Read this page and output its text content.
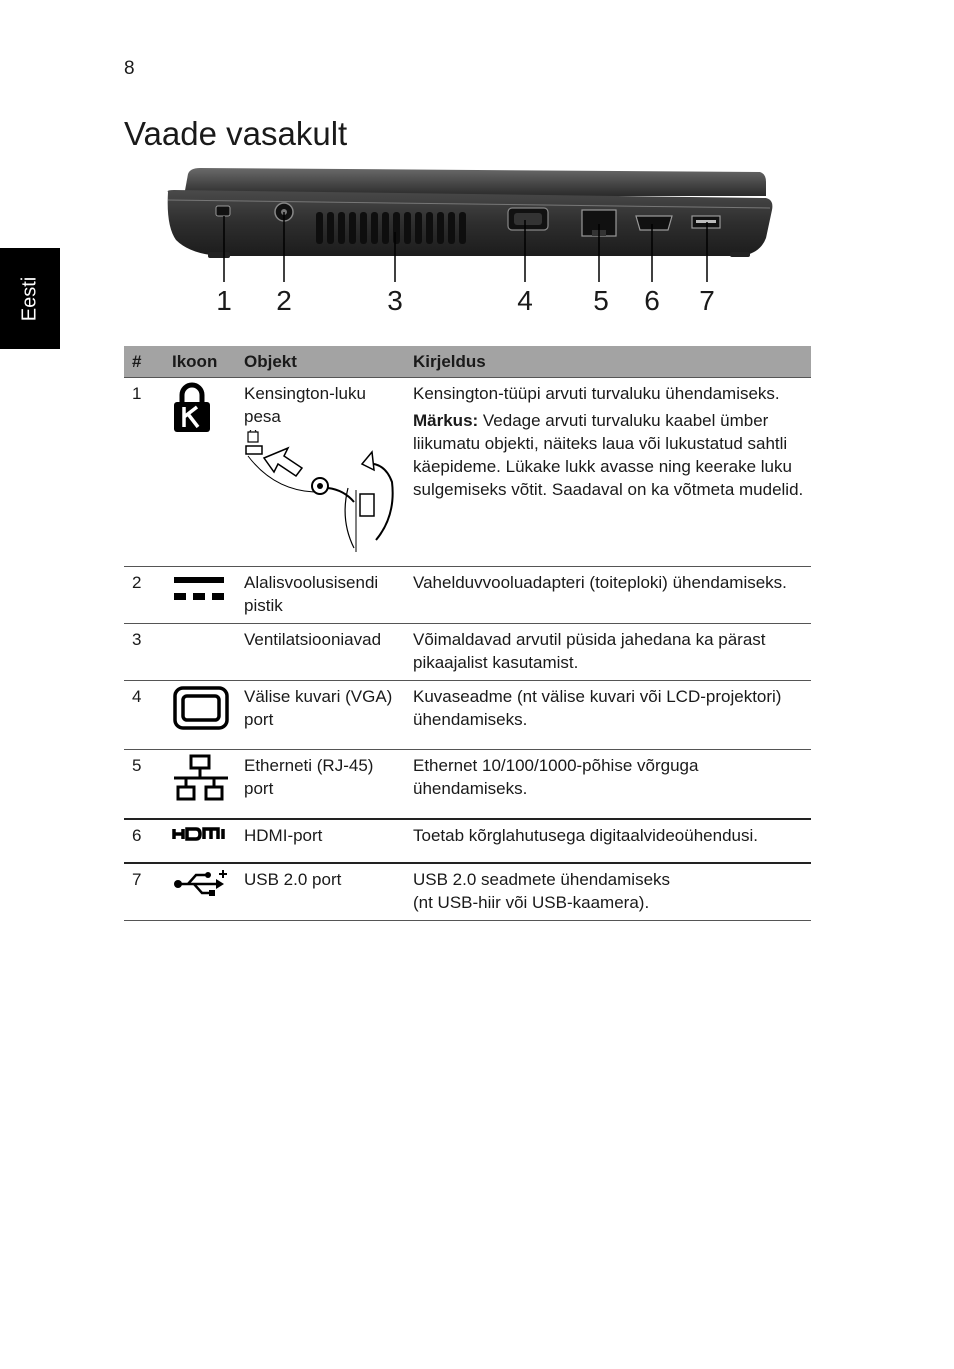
8
Vaade vasakult
Eesti	1 2	3	4 5 6 7
#	Ikoon	Objekt	Kirjeldus
1		Kensington-luku pesa	Kensington-tüüpi arvuti turvaluku ühendamiseks.

Märkus: Vedage arvuti turvaluku kaabel ümber liikumatu objekti, näiteks laua või lukustatud sahtli käepideme. Lükake lukk avasse ning keerake luku sulgemiseks võtit. Saadaval on ka võtmeta mudelid.

2		Alalisvoolusisendi pistik	Vahelduvvooluadapteri (toiteploki) ühendamiseks.
3		Ventilatsiooniavad	Võimaldavad arvutil püsida jahedana ka pärast pikaajalist kasutamist.
4		Välise kuvari (VGA) port	Kuvaseadme (nt välise kuvari või LCD-projektori) ühendamiseks.
5		Etherneti (RJ-45) port	Ethernet 10/100/1000-põhise võrguga ühendamiseks.
6		HDMI-port	Toetab kõrglahutusega digitaalvideoühendusi.
7		USB 2.0 port	USB 2.0 seadmete ühendamiseks
(nt USB-hiir või USB-kaamera).
